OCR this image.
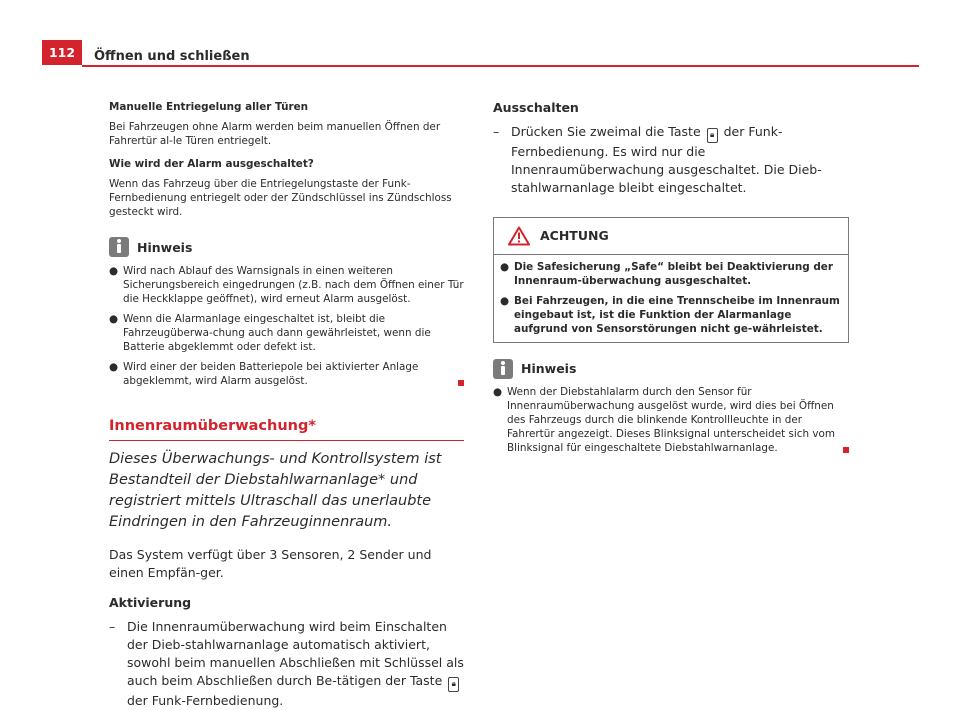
112	Öffnen und schließen

Manuelle Entriegelung aller Türen

Bei Fahrzeugen ohne Alarm werden beim manuellen Öffnen der Fahrertür al-le Türen entriegelt.

Wie wird der Alarm ausgeschaltet?

Wenn das Fahrzeug über die Entriegelungstaste der Funk-Fernbedienung entriegelt oder der Zündschlüssel ins Zündschloss gesteckt wird.

Hinweis
● Wird nach Ablauf des Warnsignals in einen weiteren Sicherungsbereich eingedrungen (z.B. nach dem Öffnen einer Tür die Heckklappe geöffnet), wird erneut Alarm ausgelöst.
● Wenn die Alarmanlage eingeschaltet ist, bleibt die Fahrzeugüberwa-chung auch dann gewährleistet, wenn die Batterie abgeklemmt oder defekt ist.
● Wird einer der beiden Batteriepole bei aktivierter Anlage abgeklemmt, wird Alarm ausgelöst.

Innenraumüberwachung*

Dieses Überwachungs- und Kontrollsystem ist Bestandteil der Diebstahlwarnanlage* und registriert mittels Ultraschall das unerlaubte Eindringen in den Fahrzeuginnenraum.

Das System verfügt über 3 Sensoren, 2 Sender und einen Empfän-ger.

Aktivierung

– Die Innenraumüberwachung wird beim Einschalten der Dieb-stahlwarnanlage automatisch aktiviert, sowohl beim manuellen Abschließen mit Schlüssel als auch beim Abschließen durch Be-tätigen der Taste 🔒︎ der Funk-Fernbedienung.

Ausschalten

– Drücken Sie zweimal die Taste 🔒︎ der Funk-Fernbedienung. Es wird nur die Innenraumüberwachung ausgeschaltet. Die Dieb-stahlwarnanlage bleibt eingeschaltet.
ACHTUNG
● Die Safesicherung „Safe“ bleibt bei Deaktivierung der Innenraum-überwachung ausgeschaltet.
● Bei Fahrzeugen, in die eine Trennscheibe im Innenraum eingebaut ist, ist die Funktion der Alarmanlage aufgrund von Sensorstörungen nicht ge-währleistet.
Hinweis
● Wenn der Diebstahlalarm durch den Sensor für Innenraumüberwachung ausgelöst wurde, wird dies bei Öffnen des Fahrzeugs durch die blinkende Kontrollleuchte in der Fahrertür angezeigt. Dieses Blinksignal unterscheidet sich vom Blinksignal für eingeschaltete Diebstahlwarnanlage.
